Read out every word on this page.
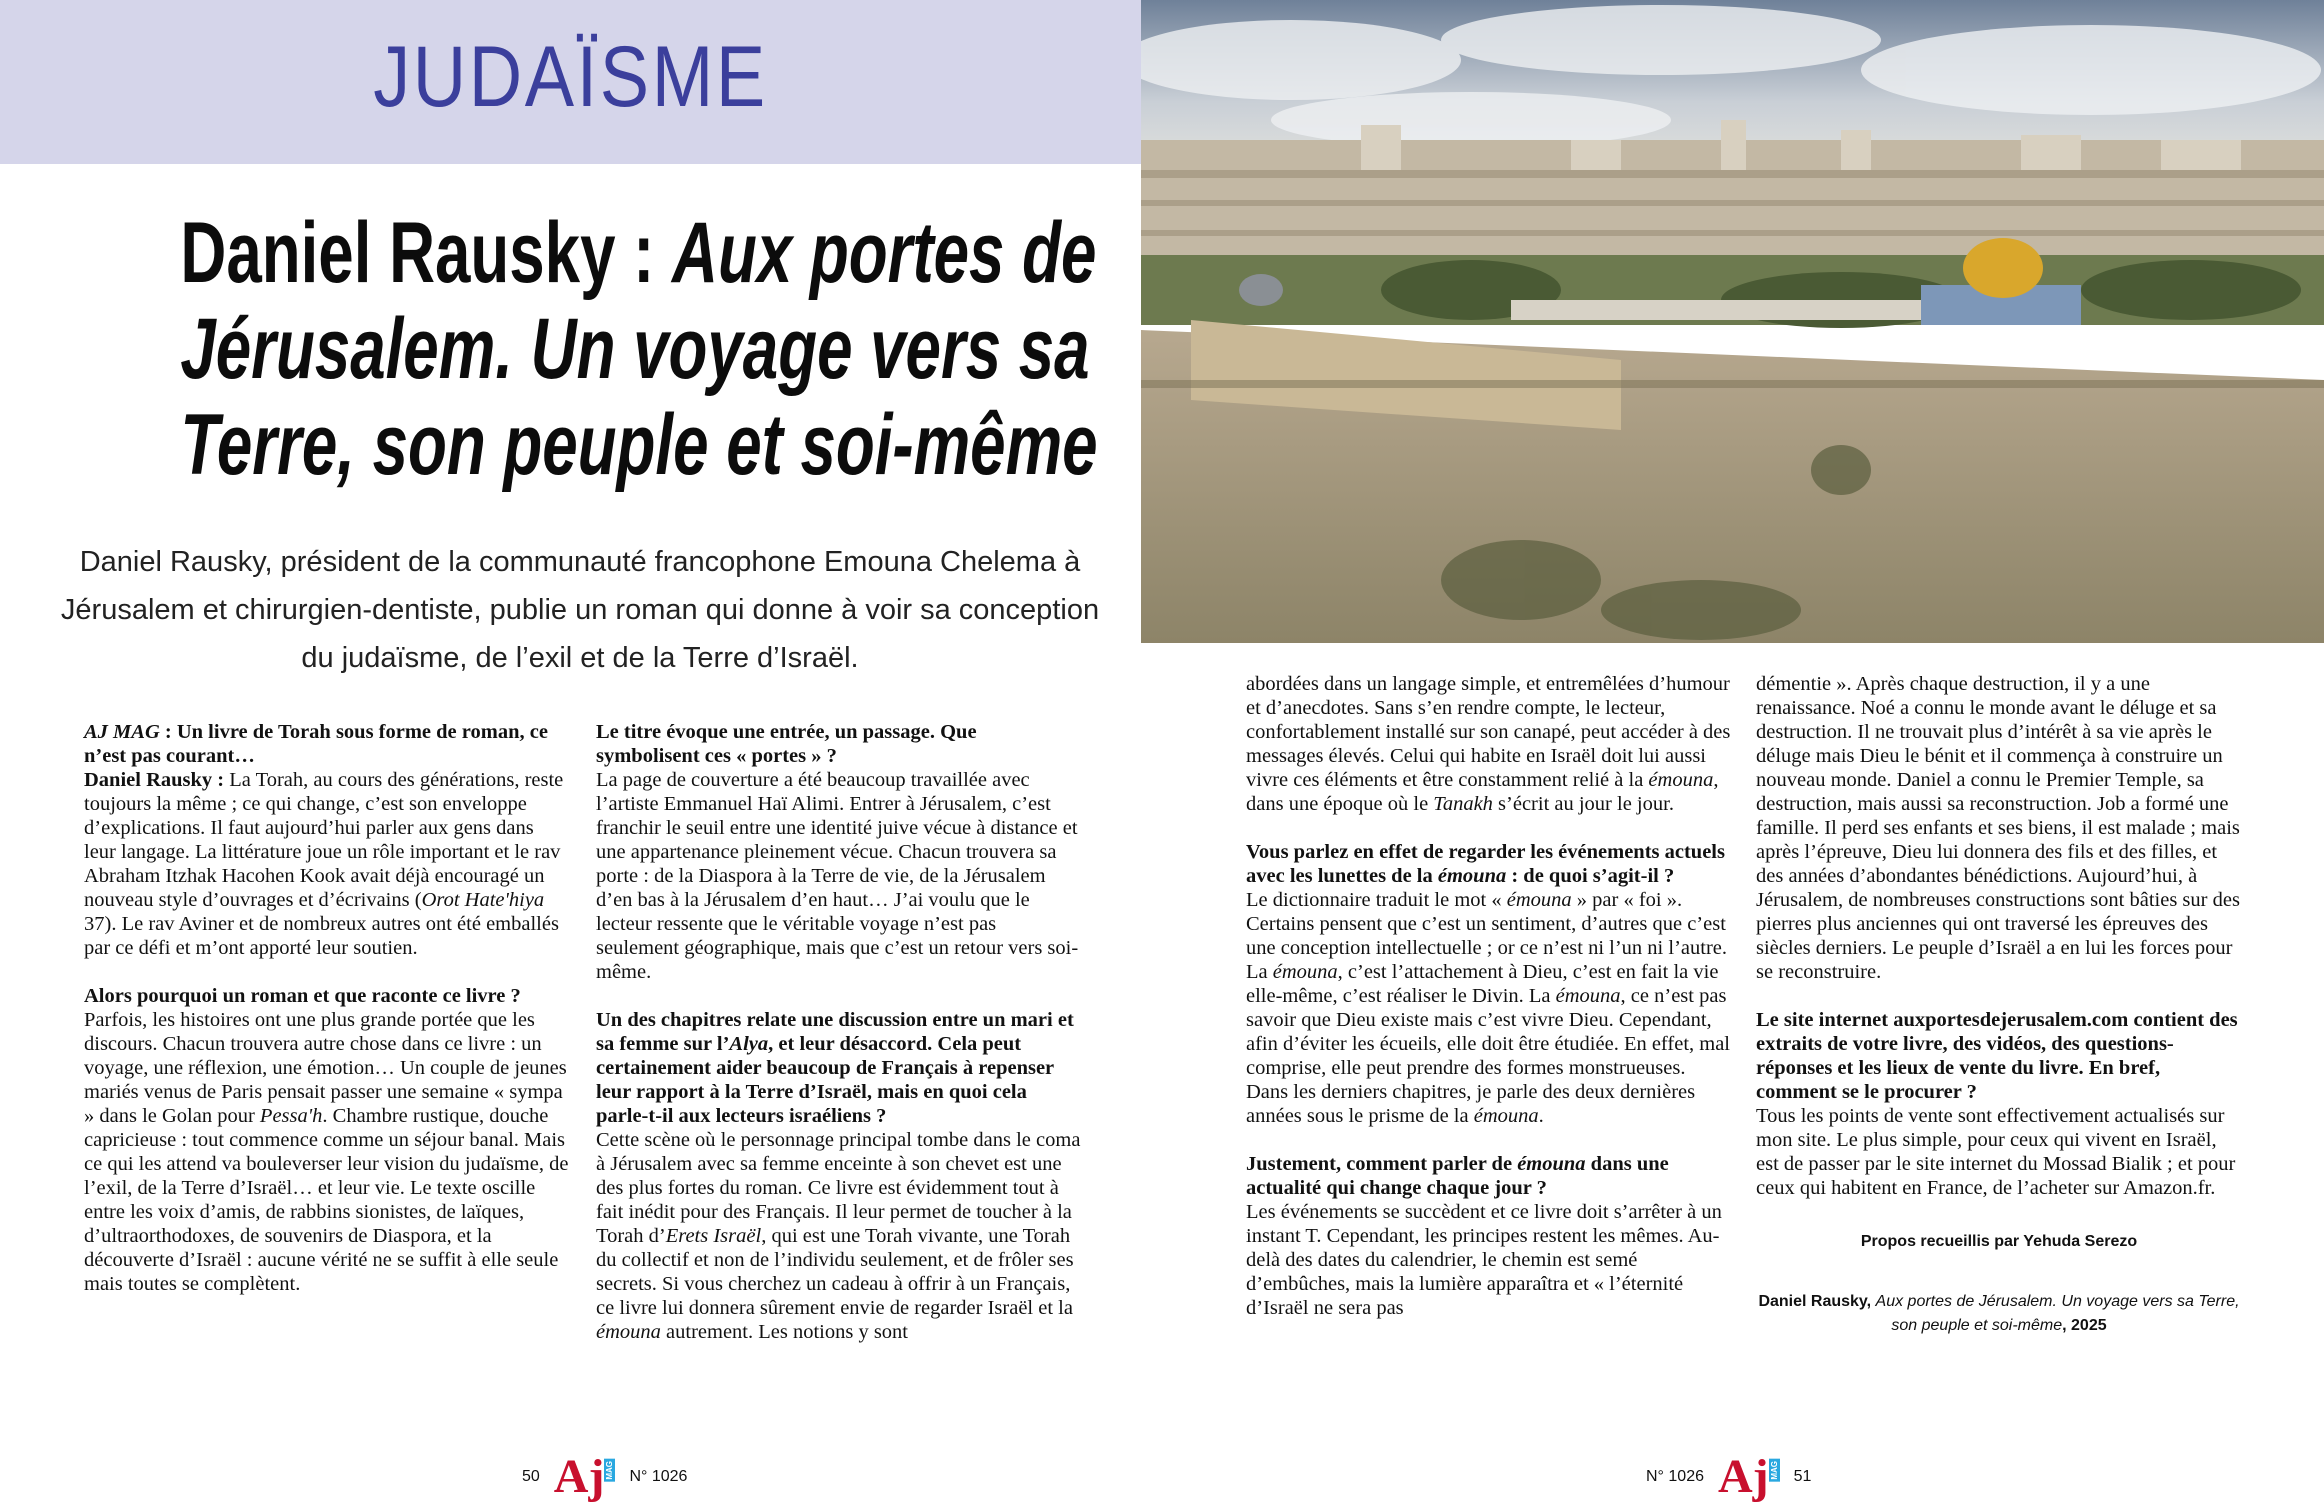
JUDAÏSME
Daniel Rausky : Aux portes de
Jérusalem. Un voyage vers sa
Terre, son peuple et soi-même
Daniel Rausky, président de la communauté francophone Emouna Chelema à Jérusalem et chirurgien-dentiste, publie un roman qui donne à voir sa conception du judaïsme, de l’exil et de la Terre d’Israël.

AJ MAG : Un livre de Torah sous forme de roman, ce n’est pas courant…
Daniel Rausky : La Torah, au cours des générations, reste toujours la même ; ce qui change, c’est son enveloppe d’explications. Il faut aujourd’hui parler aux gens dans leur langage. La littérature joue un rôle important et le rav Abraham Itzhak Hacohen Kook avait déjà encouragé un nouveau style d’ouvrages et d’écrivains (Orot Hate'hiya 37). Le rav Aviner et de nombreux autres ont été emballés par ce défi et m’ont apporté leur soutien.

Alors pourquoi un roman et que raconte ce livre ?
Parfois, les histoires ont une plus grande portée que les discours. Chacun trouvera autre chose dans ce livre : un voyage, une réflexion, une émotion… Un couple de jeunes mariés venus de Paris pensait passer une semaine « sympa » dans le Golan pour Pessa'h. Chambre rustique, douche capricieuse : tout commence comme un séjour banal. Mais ce qui les attend va bouleverser leur vision du judaïsme, de l’exil, de la Terre d’Israël… et leur vie. Le texte oscille entre les voix d’amis, de rabbins sionistes, de laïques, d’ultraorthodoxes, de souvenirs de Diaspora, et la découverte d’Israël : aucune vérité ne se suffit à elle seule mais toutes se complètent.

Le titre évoque une entrée, un passage. Que symbolisent ces « portes » ?
La page de couverture a été beaucoup travaillée avec l’artiste Emmanuel Haï Alimi. Entrer à Jérusalem, c’est franchir le seuil entre une identité juive vécue à distance et une appartenance pleinement vécue. Chacun trouvera sa porte : de la Diaspora à la Terre de vie, de la Jérusalem d’en bas à la Jérusalem d’en haut… J’ai voulu que le lecteur ressente que le véritable voyage n’est pas seulement géographique, mais que c’est un retour vers soi-même.

Un des chapitres relate une discussion entre un mari et sa femme sur l’Alya, et leur désaccord. Cela peut certainement aider beaucoup de Français à repenser leur rapport à la Terre d’Israël, mais en quoi cela parle-t-il aux lecteurs israéliens ?
Cette scène où le personnage principal tombe dans le coma à Jérusalem avec sa femme enceinte à son chevet est une des plus fortes du roman. Ce livre est évidemment tout à fait inédit pour des Français. Il leur permet de toucher à la Torah d’Erets Israël, qui est une Torah vivante, une Torah du collectif et non de l’individu seulement, et de frôler ses secrets. Si vous cherchez un cadeau à offrir à un Français, ce livre lui donnera sûrement envie de regarder Israël et la émouna autrement. Les notions y sont

abordées dans un langage simple, et entremêlées d’humour et d’anecdotes. Sans s’en rendre compte, le lecteur, confortablement installé sur son canapé, peut accéder à des messages élevés. Celui qui habite en Israël doit lui aussi vivre ces éléments et être constamment relié à la émouna, dans une époque où le Tanakh s’écrit au jour le jour.

Vous parlez en effet de regarder les événements actuels avec les lunettes de la émouna : de quoi s’agit-il ?
Le dictionnaire traduit le mot « émouna » par « foi ». Certains pensent que c’est un sentiment, d’autres que c’est une conception intellectuelle ; or ce n’est ni l’un ni l’autre. La émouna, c’est l’attachement à Dieu, c’est en fait la vie elle-même, c’est réaliser le Divin. La émouna, ce n’est pas savoir que Dieu existe mais c’est vivre Dieu. Cependant, afin d’éviter les écueils, elle doit être étudiée. En effet, mal comprise, elle peut prendre des formes monstrueuses. Dans les derniers chapitres, je parle des deux dernières années sous le prisme de la émouna.

Justement, comment parler de émouna dans une actualité qui change chaque jour ?
Les événements se succèdent et ce livre doit s’arrêter à un instant T. Cependant, les principes restent les mêmes. Au-delà des dates du calendrier, le chemin est semé d’embûches, mais la lumière apparaîtra et « l’éternité d’Israël ne sera pas

démentie ». Après chaque destruction, il y a une renaissance. Noé a connu le monde avant le déluge et sa destruction. Il ne trouvait plus d’intérêt à sa vie après le déluge mais Dieu le bénit et il commença à construire un nouveau monde. Daniel a connu le Premier Temple, sa destruction, mais aussi sa reconstruction. Job a formé une famille. Il perd ses enfants et ses biens, il est malade ; mais après l’épreuve, Dieu lui donnera des fils et des filles, et des années d’abondantes bénédictions. Aujourd’hui, à Jérusalem, de nombreuses constructions sont bâties sur des pierres plus anciennes qui ont traversé les épreuves des siècles derniers. Le peuple d’Israël a en lui les forces pour se reconstruire.

Le site internet auxportesdejerusalem.com contient des extraits de votre livre, des vidéos, des questions-réponses et les lieux de vente du livre. En bref, comment se le procurer ?
Tous les points de vente sont effectivement actualisés sur mon site. Le plus simple, pour ceux qui vivent en Israël, est de passer par le site internet du Mossad Bialik ; et pour ceux qui habitent en France, de l’acheter sur Amazon.fr.

Propos recueillis par Yehuda Serezo
Daniel Rausky, Aux portes de Jérusalem. Un voyage vers sa Terre, son peuple et soi-même, 2025
50 Aj MAG N° 1026	N° 1026 Aj MAG 51
